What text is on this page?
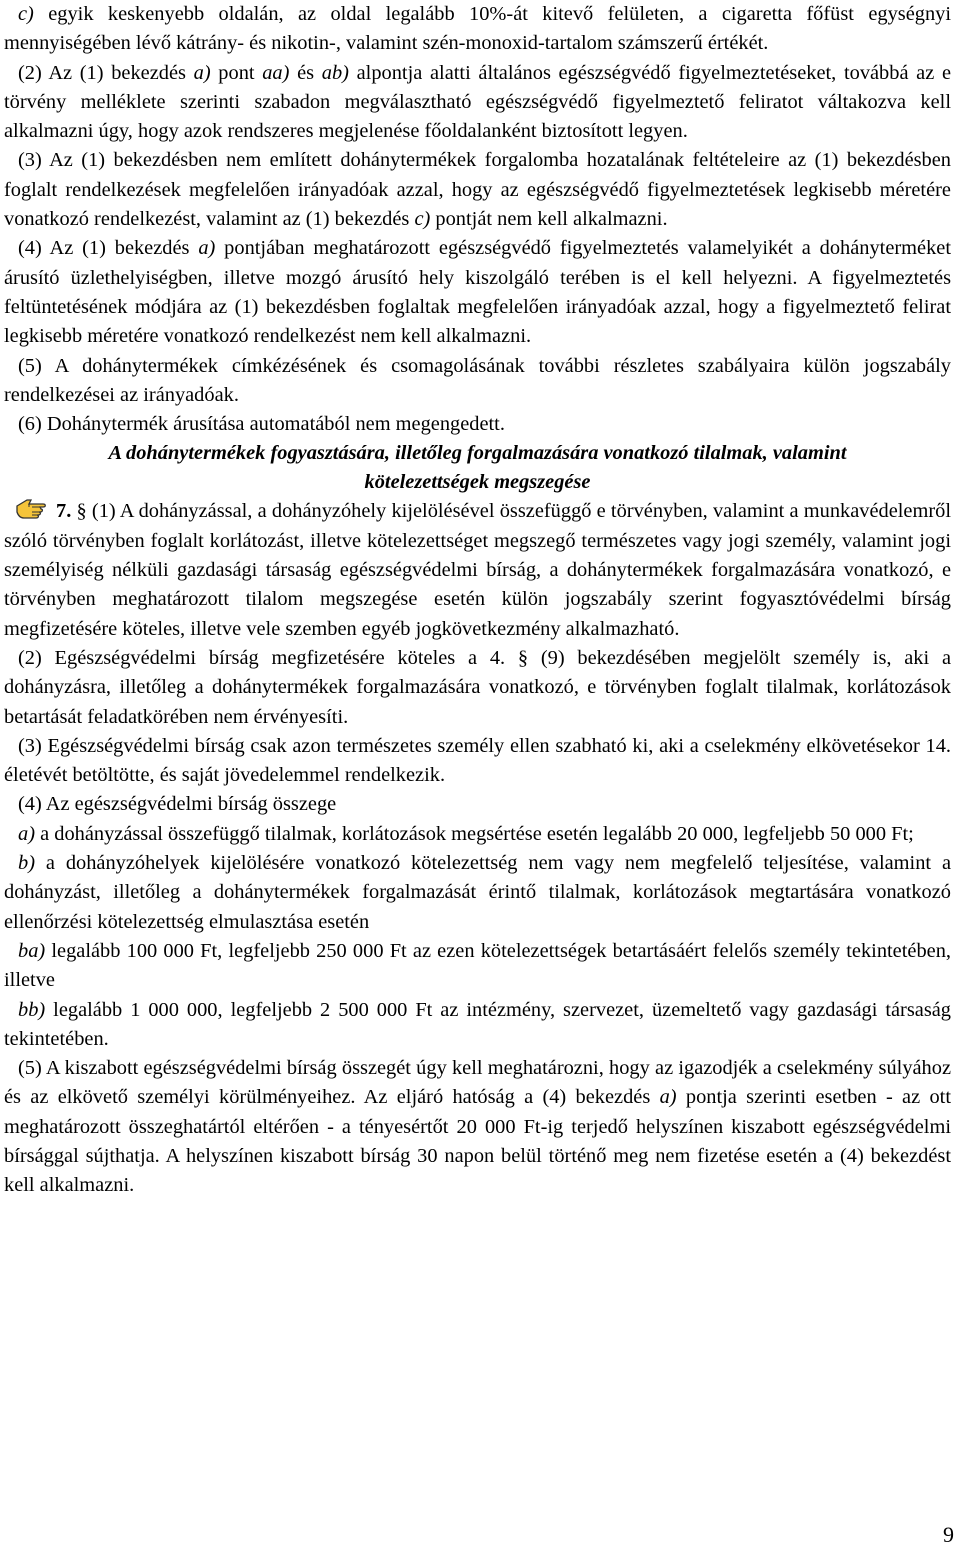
c) egyik keskenyebb oldalán, az oldal legalább 10%-át kitevő felületen, a cigaretta főfüst egységnyi mennyiségében lévő kátrány- és nikotin-, valamint szén-monoxid-tartalom számszerű értékét.

(2) Az (1) bekezdés a) pont aa) és ab) alpontja alatti általános egészségvédő figyelmeztetéseket, továbbá az e törvény melléklete szerinti szabadon megválasztható egészségvédő figyelmeztető feliratot váltakozva kell alkalmazni úgy, hogy azok rendszeres megjelenése főoldalanként biztosított legyen.

(3) Az (1) bekezdésben nem említett dohánytermékek forgalomba hozatalának feltételeire az (1) bekezdésben foglalt rendelkezések megfelelően irányadóak azzal, hogy az egészségvédő figyelmeztetések legkisebb méretére vonatkozó rendelkezést, valamint az (1) bekezdés c) pontját nem kell alkalmazni.

(4) Az (1) bekezdés a) pontjában meghatározott egészségvédő figyelmeztetés valamelyikét a dohányterméket árusító üzlethelyiségben, illetve mozgó árusító hely kiszolgáló terében is el kell helyezni. A figyelmeztetés feltüntetésének módjára az (1) bekezdésben foglaltak megfelelően irányadóak azzal, hogy a figyelmeztető felirat legkisebb méretére vonatkozó rendelkezést nem kell alkalmazni.

(5) A dohánytermékek címkézésének és csomagolásának további részletes szabályaira külön jogszabály rendelkezései az irányadóak.

(6) Dohánytermék árusítása automatából nem megengedett.

A dohánytermékek fogyasztására, illetőleg forgalmazására vonatkozó tilalmak, valamint

kötelezettségek megszegése

7. § (1) A dohányzással, a dohányzóhely kijelölésével összefüggő e törvényben, valamint a munkavédelemről szóló törvényben foglalt korlátozást, illetve kötelezettséget megszegő természetes vagy jogi személy, valamint jogi személyiség nélküli gazdasági társaság egészségvédelmi bírság, a dohánytermékek forgalmazására vonatkozó, e törvényben meghatározott tilalom megszegése esetén külön jogszabály szerint fogyasztóvédelmi bírság megfizetésére köteles, illetve vele szemben egyéb jogkövetkezmény alkalmazható.

(2) Egészségvédelmi bírság megfizetésére köteles a 4. § (9) bekezdésében megjelölt személy is, aki a dohányzásra, illetőleg a dohánytermékek forgalmazására vonatkozó, e törvényben foglalt tilalmak, korlátozások betartását feladatkörében nem érvényesíti.

(3) Egészségvédelmi bírság csak azon természetes személy ellen szabható ki, aki a cselekmény elkövetésekor 14. életévét betöltötte, és saját jövedelemmel rendelkezik.

(4) Az egészségvédelmi bírság összege

a) a dohányzással összefüggő tilalmak, korlátozások megsértése esetén legalább 20 000, legfeljebb 50 000 Ft;

b) a dohányzóhelyek kijelölésére vonatkozó kötelezettség nem vagy nem megfelelő teljesítése, valamint a dohányzást, illetőleg a dohánytermékek forgalmazását érintő tilalmak, korlátozások megtartására vonatkozó ellenőrzési kötelezettség elmulasztása esetén

ba) legalább 100 000 Ft, legfeljebb 250 000 Ft az ezen kötelezettségek betartásáért felelős személy tekintetében, illetve

bb) legalább 1 000 000, legfeljebb 2 500 000 Ft az intézmény, szervezet, üzemeltető vagy gazdasági társaság tekintetében.

(5) A kiszabott egészségvédelmi bírság összegét úgy kell meghatározni, hogy az igazodjék a cselekmény súlyához és az elkövető személyi körülményeihez. Az eljáró hatóság a (4) bekezdés a) pontja szerinti esetben - az ott meghatározott összeghatártól eltérően - a tényesértőt 20 000 Ft-ig terjedő helyszínen kiszabott egészségvédelmi bírsággal sújthatja. A helyszínen kiszabott bírság 30 napon belül történő meg nem fizetése esetén a (4) bekezdést kell alkalmazni.

9
